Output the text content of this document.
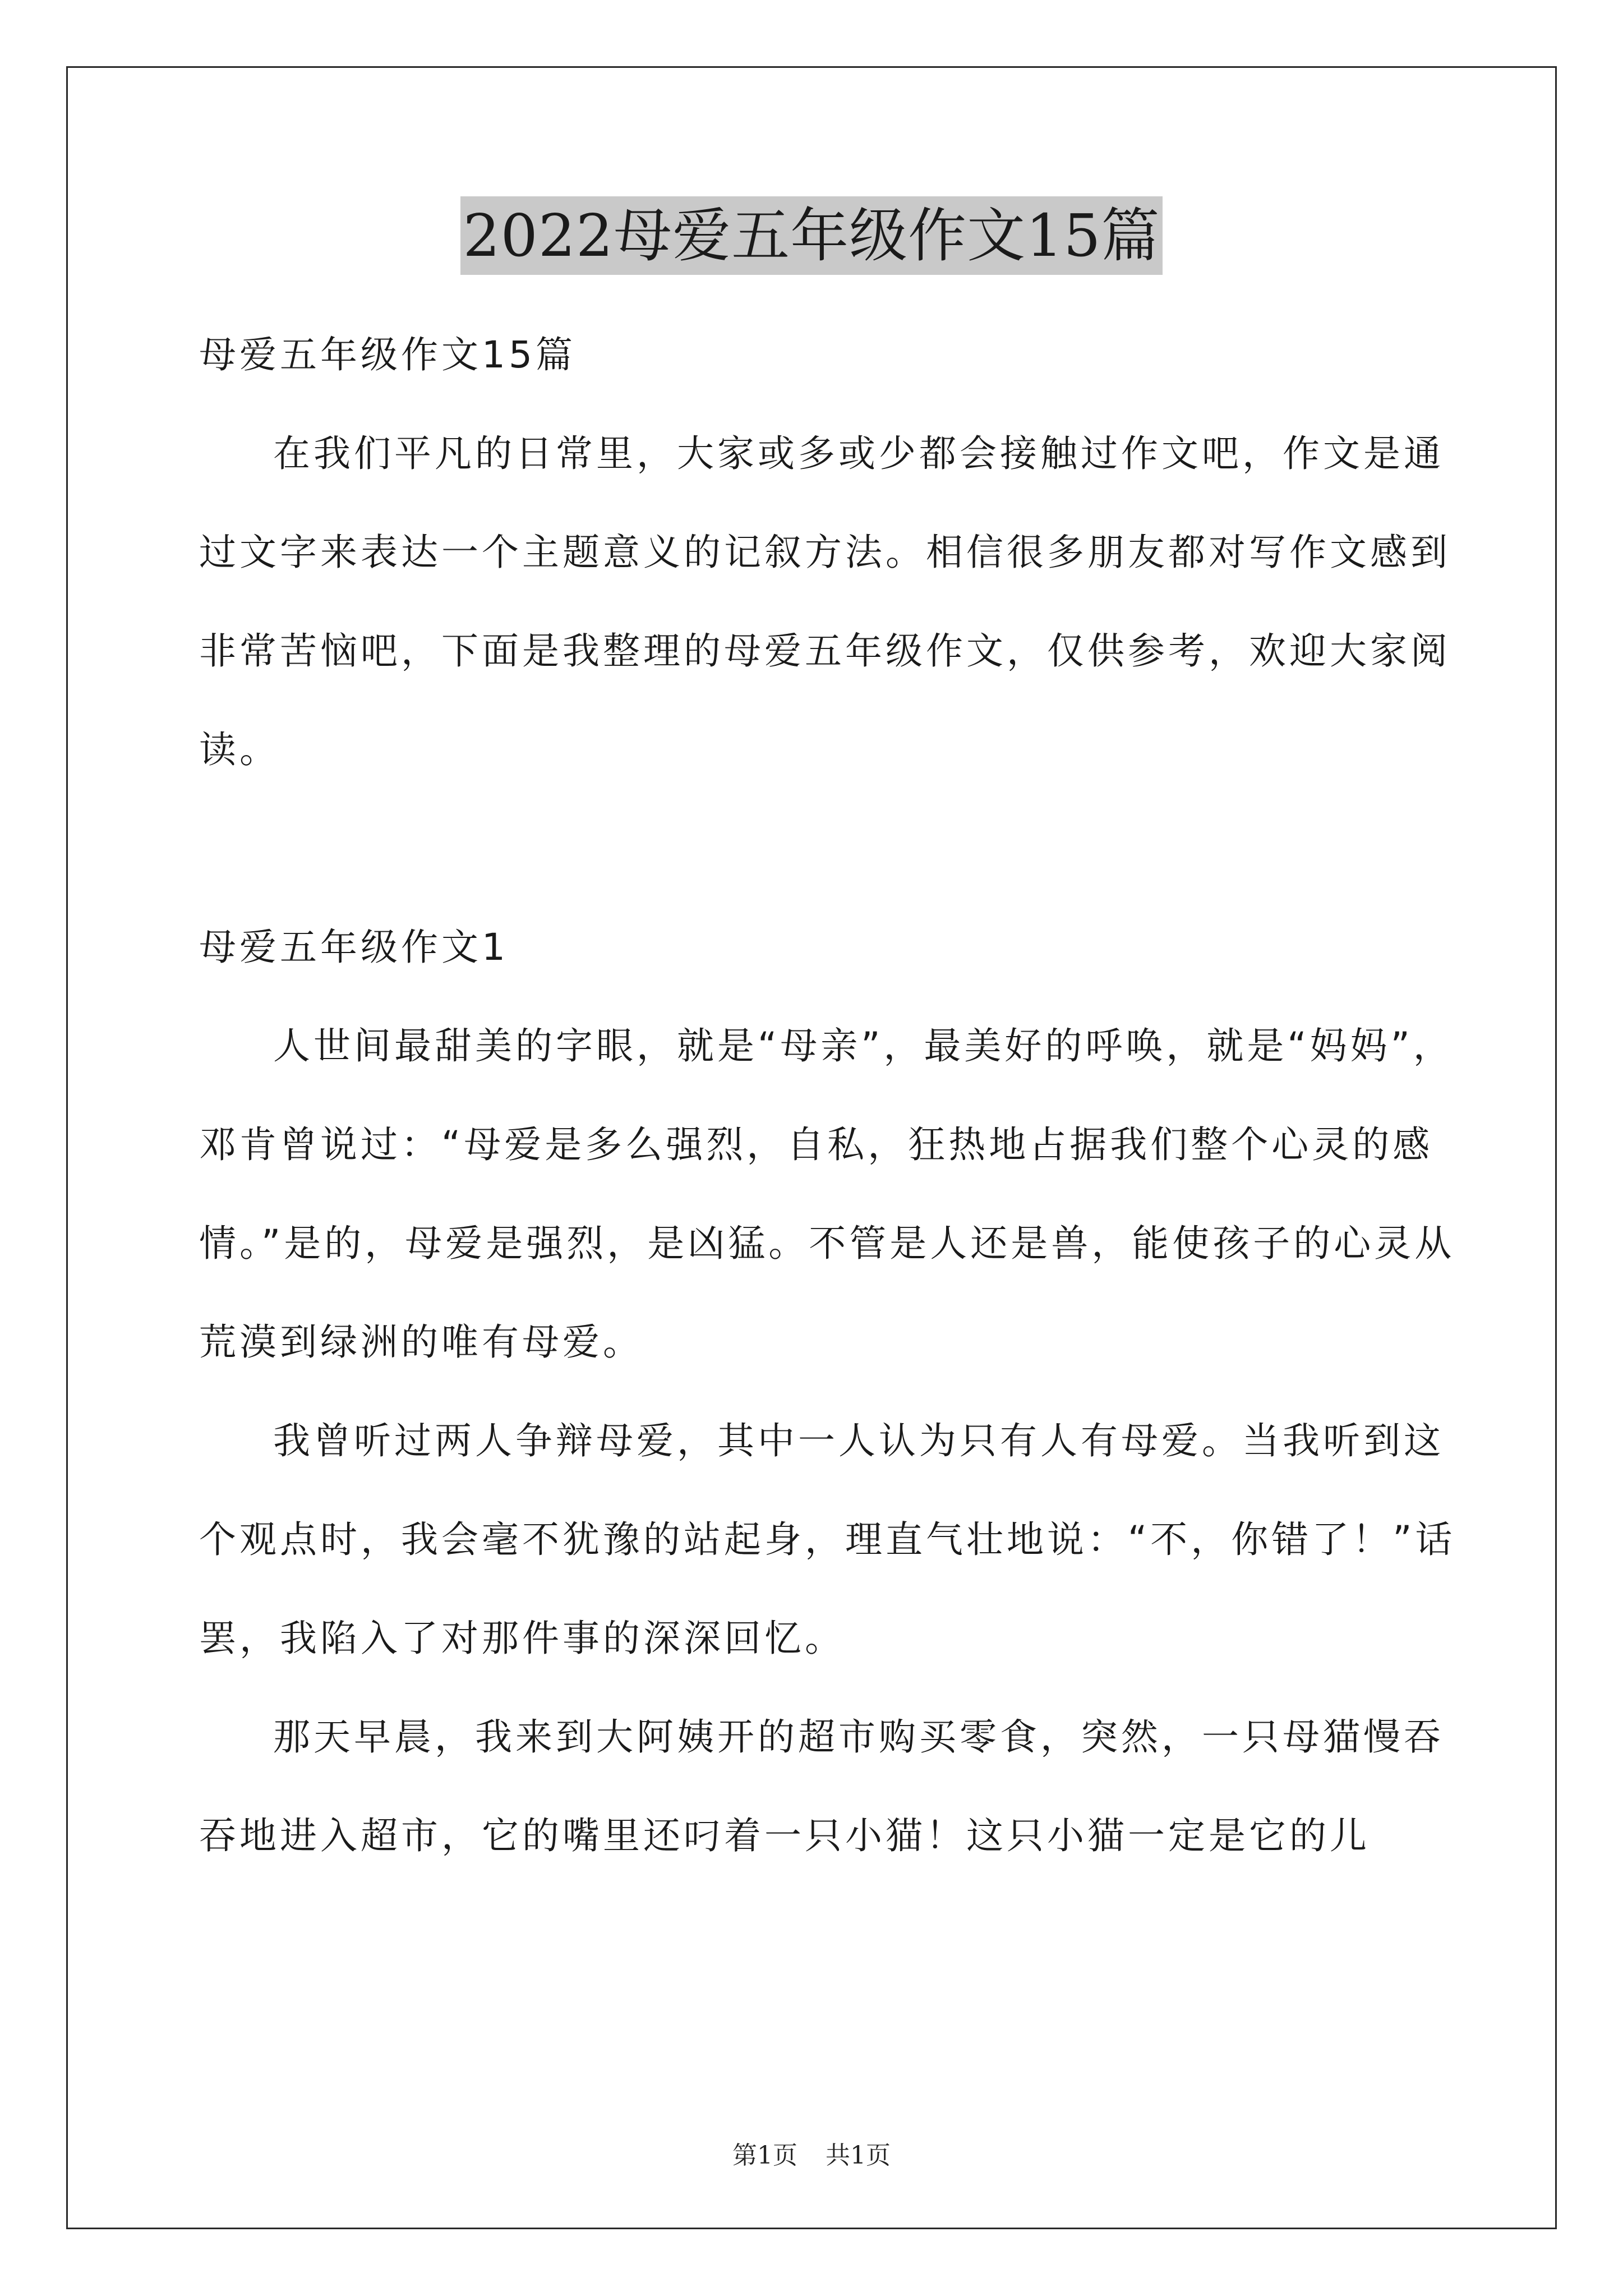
2022母爱五年级作文15篇

母爱五年级作文15篇

在我们平凡的日常里，大家或多或少都会接触过作文吧，作文是通过文字来表达一个主题意义的记叙方法。相信很多朋友都对写作文感到非常苦恼吧，下面是我整理的母爱五年级作文，仅供参考，欢迎大家阅读。

母爱五年级作文1

人世间最甜美的字眼，就是“母亲”，最美好的呼唤，就是“妈妈”，邓肯曾说过：“母爱是多么强烈，自私，狂热地占据我们整个心灵的感情。”是的，母爱是强烈，是凶猛。不管是人还是兽，能使孩子的心灵从荒漠到绿洲的唯有母爱。

我曾听过两人争辩母爱，其中一人认为只有人有母爱。当我听到这个观点时，我会毫不犹豫的站起身，理直气壮地说：“不，你错了！”话罢，我陷入了对那件事的深深回忆。

那天早晨，我来到大阿姨开的超市购买零食，突然，一只母猫慢吞吞地进入超市，它的嘴里还叼着一只小猫！这只小猫一定是它的儿

第1页 共1页
